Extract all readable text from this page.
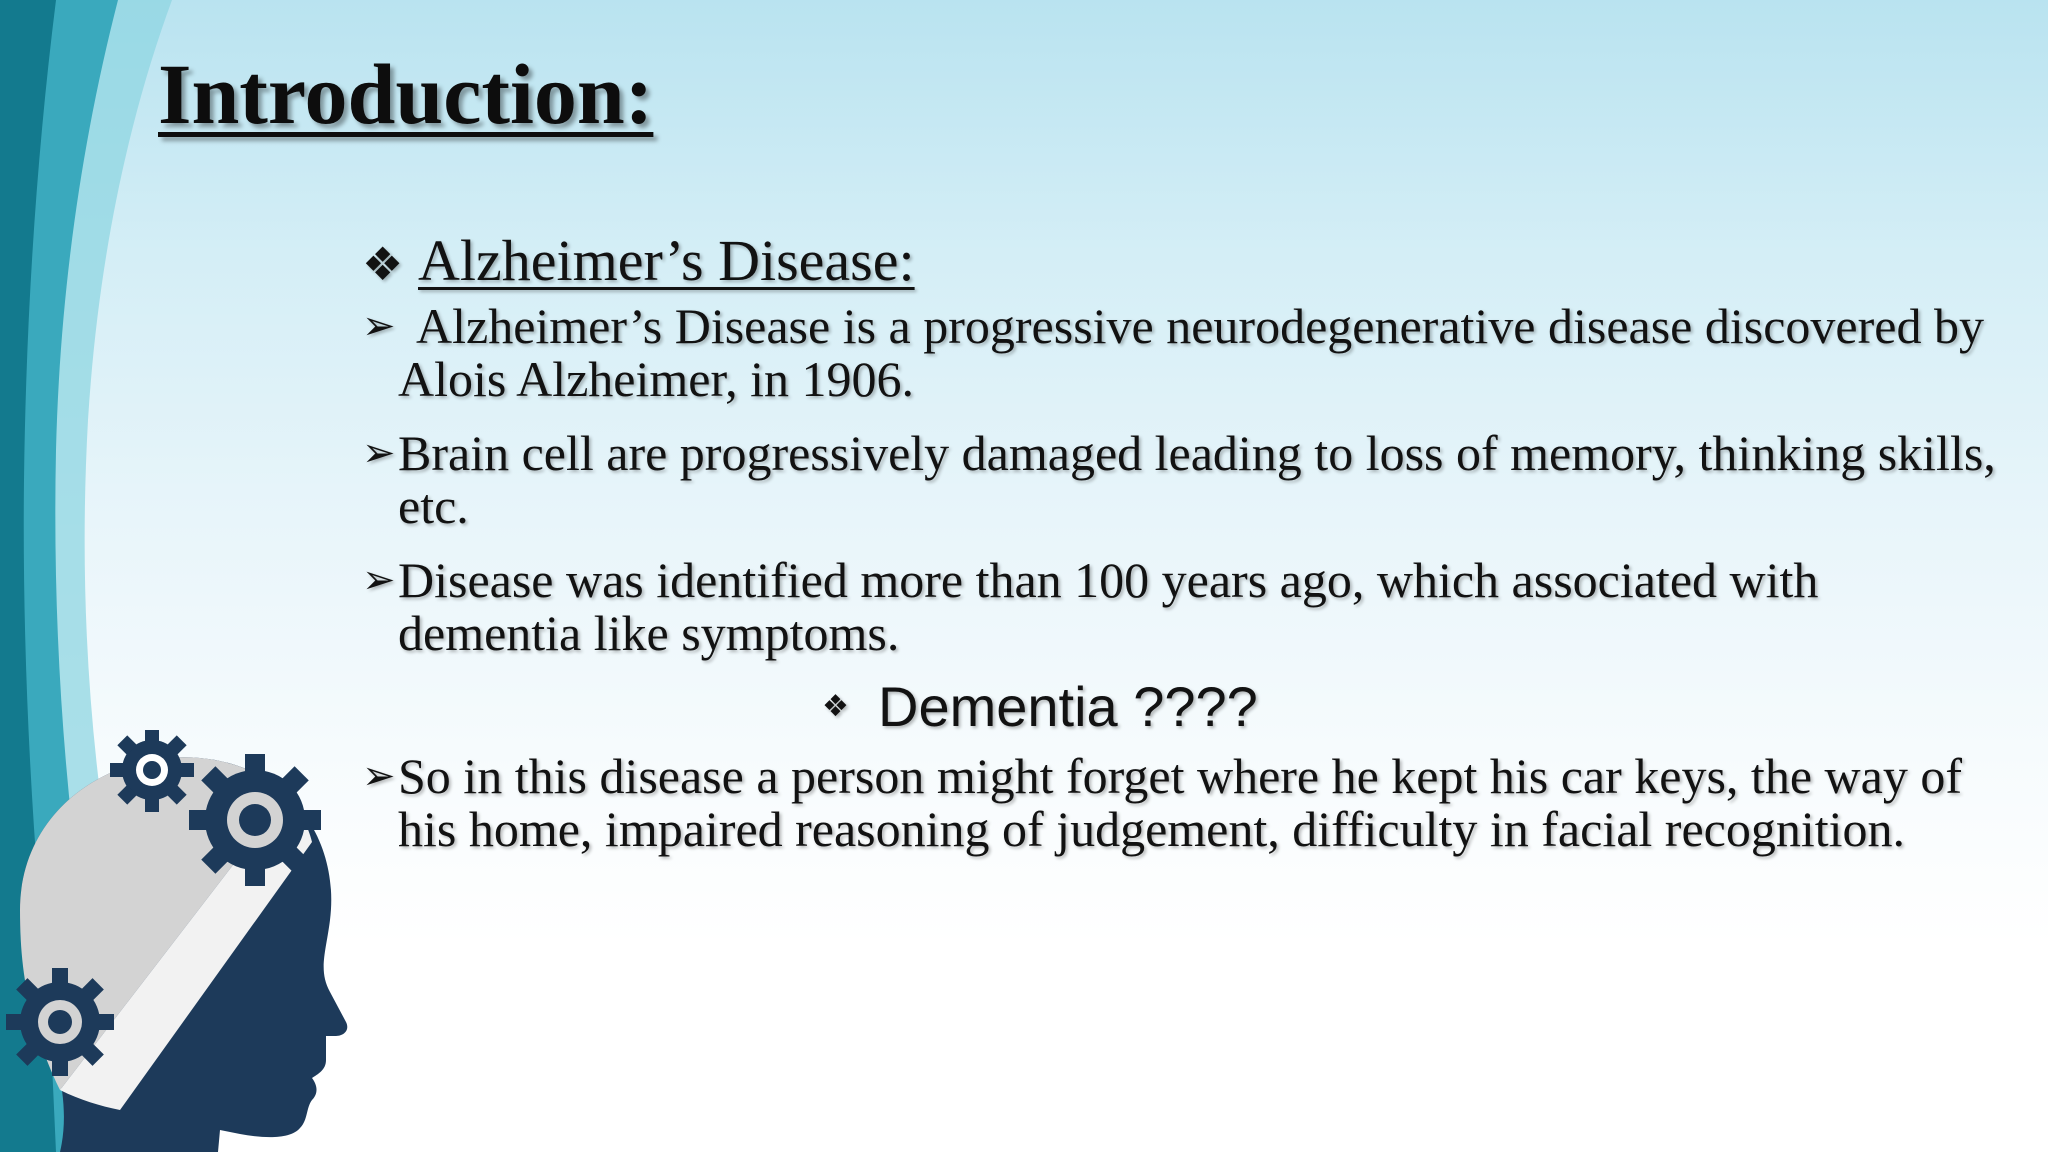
Introduction:
❖ Alzheimer’s Disease:
➢ Alzheimer’s Disease is a progressive neurodegenerative disease discovered by Alois Alzheimer, in 1906.
➢ Brain cell are progressively damaged leading to loss of memory, thinking skills, etc.
➢ Disease was identified more than 100 years ago, which associated with dementia like symptoms.
❖ Dementia ????
➢ So in this disease a person might forget where he kept his car keys, the way of his home, impaired reasoning of judgement, difficulty in facial recognition.
